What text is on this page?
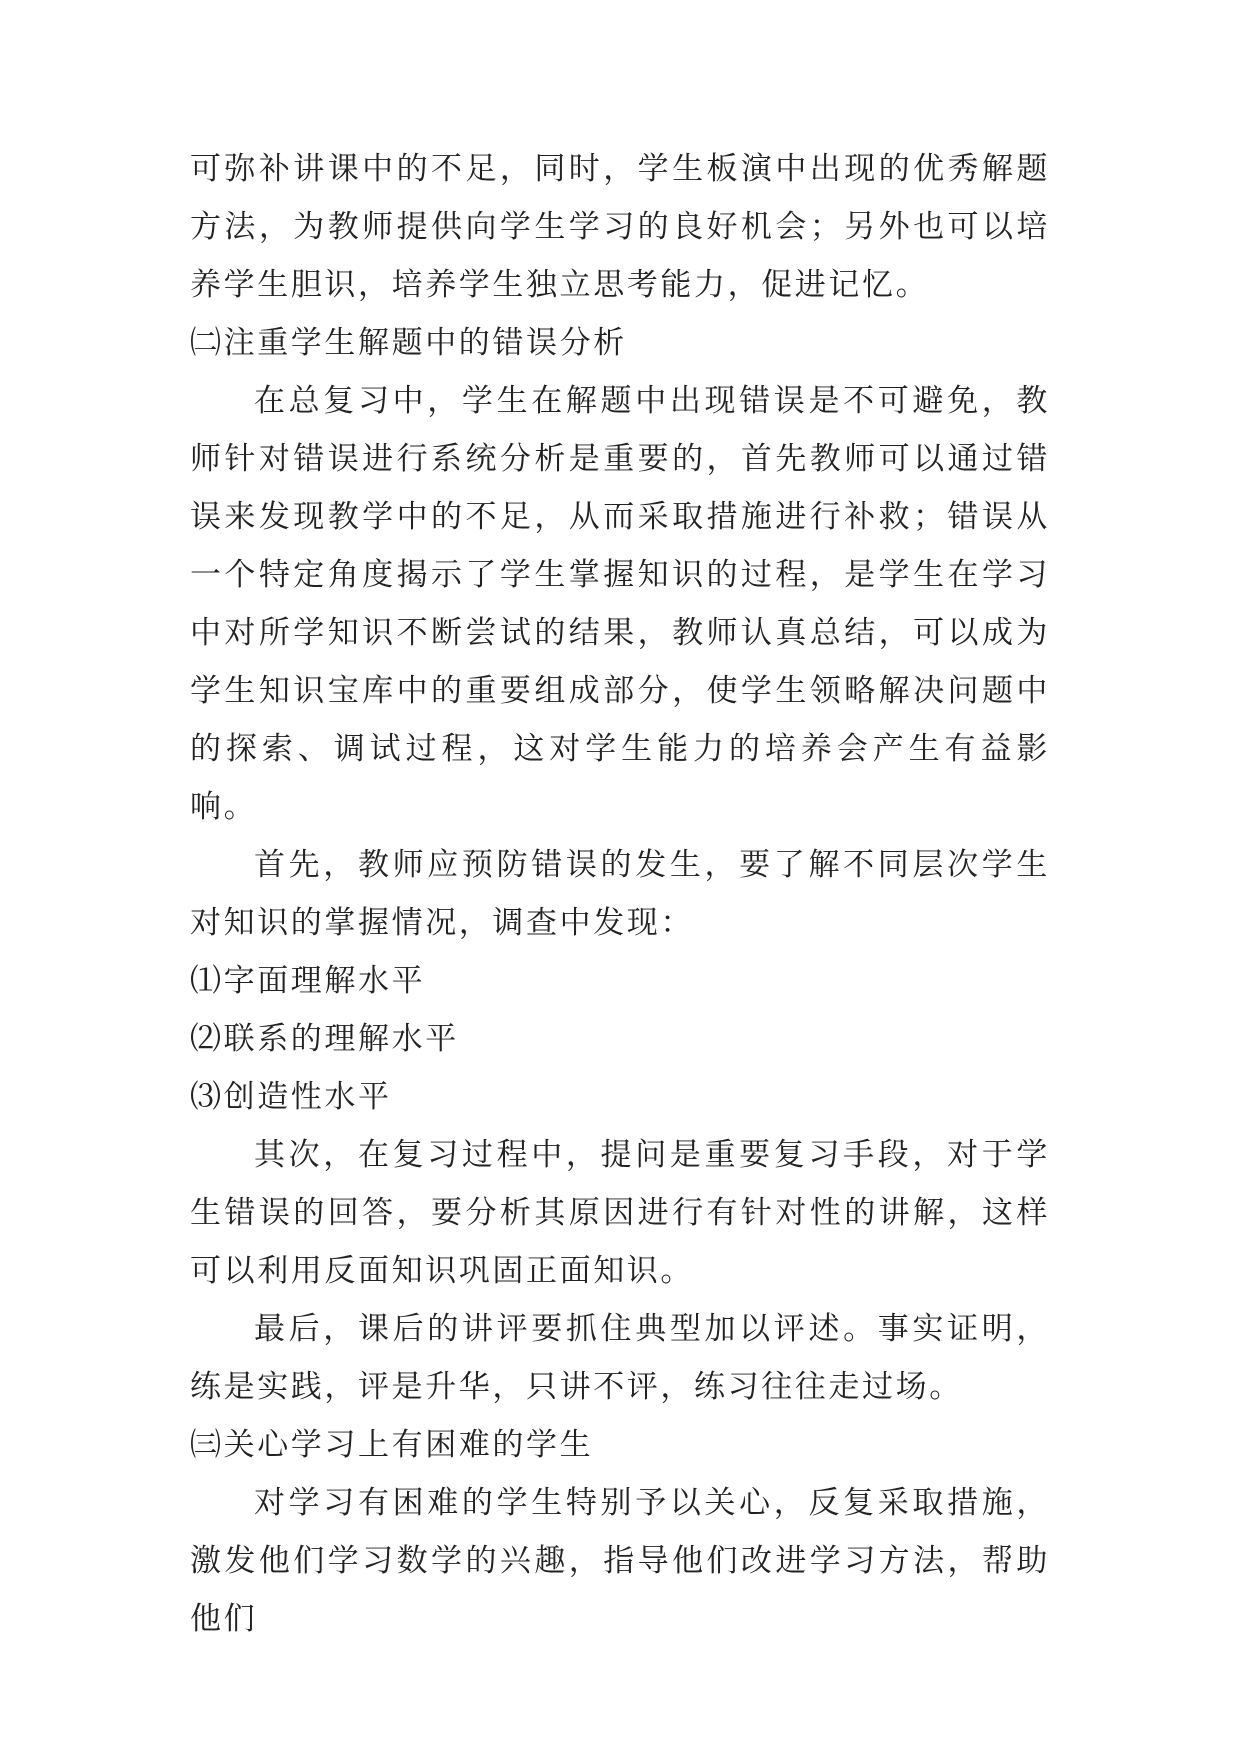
可弥补讲课中的不足，同时，学生板演中出现的优秀解题方法，为教师提供向学生学习的良好机会；另外也可以培养学生胆识，培养学生独立思考能力，促进记忆。

㈡注重学生解题中的错误分析

在总复习中，学生在解题中出现错误是不可避免，教师针对错误进行系统分析是重要的，首先教师可以通过错误来发现教学中的不足，从而采取措施进行补救；错误从一个特定角度揭示了学生掌握知识的过程，是学生在学习中对所学知识不断尝试的结果，教师认真总结，可以成为学生知识宝库中的重要组成部分，使学生领略解决问题中的探索、调试过程，这对学生能力的培养会产生有益影响。

首先，教师应预防错误的发生，要了解不同层次学生对知识的掌握情况，调查中发现：

⑴字面理解水平

⑵联系的理解水平

⑶创造性水平

其次，在复习过程中，提问是重要复习手段，对于学生错误的回答，要分析其原因进行有针对性的讲解，这样可以利用反面知识巩固正面知识。

最后，课后的讲评要抓住典型加以评述。事实证明，练是实践，评是升华，只讲不评，练习往往走过场。

㈢关心学习上有困难的学生

对学习有困难的学生特别予以关心，反复采取措施，激发他们学习数学的兴趣，指导他们改进学习方法，帮助他们
